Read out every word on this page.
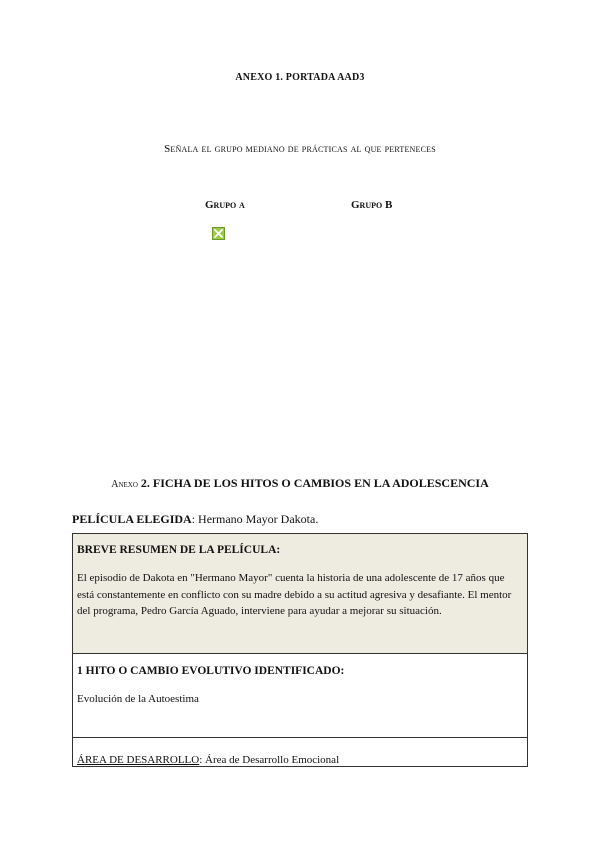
ANEXO 1. PORTADA AAD3
Señala el grupo mediano de prácticas al que perteneces
Grupo a	Grupo B
Anexo 2. FICHA DE LOS HITOS O CAMBIOS EN LA ADOLESCENCIA
PELÍCULA ELEGIDA: Hermano Mayor Dakota.
BREVE RESUMEN DE LA PELÍCULA:

El episodio de Dakota en "Hermano Mayor" cuenta la historia de una adolescente de 17 años que está constantemente en conflicto con su madre debido a su actitud agresiva y desafiante. El mentor del programa, Pedro García Aguado, interviene para ayudar a mejorar su situación.

1 HITO O CAMBIO EVOLUTIVO IDENTIFICADO:

Evolución de la Autoestima

ÁREA DE DESARROLLO: Área de Desarrollo Emocional
